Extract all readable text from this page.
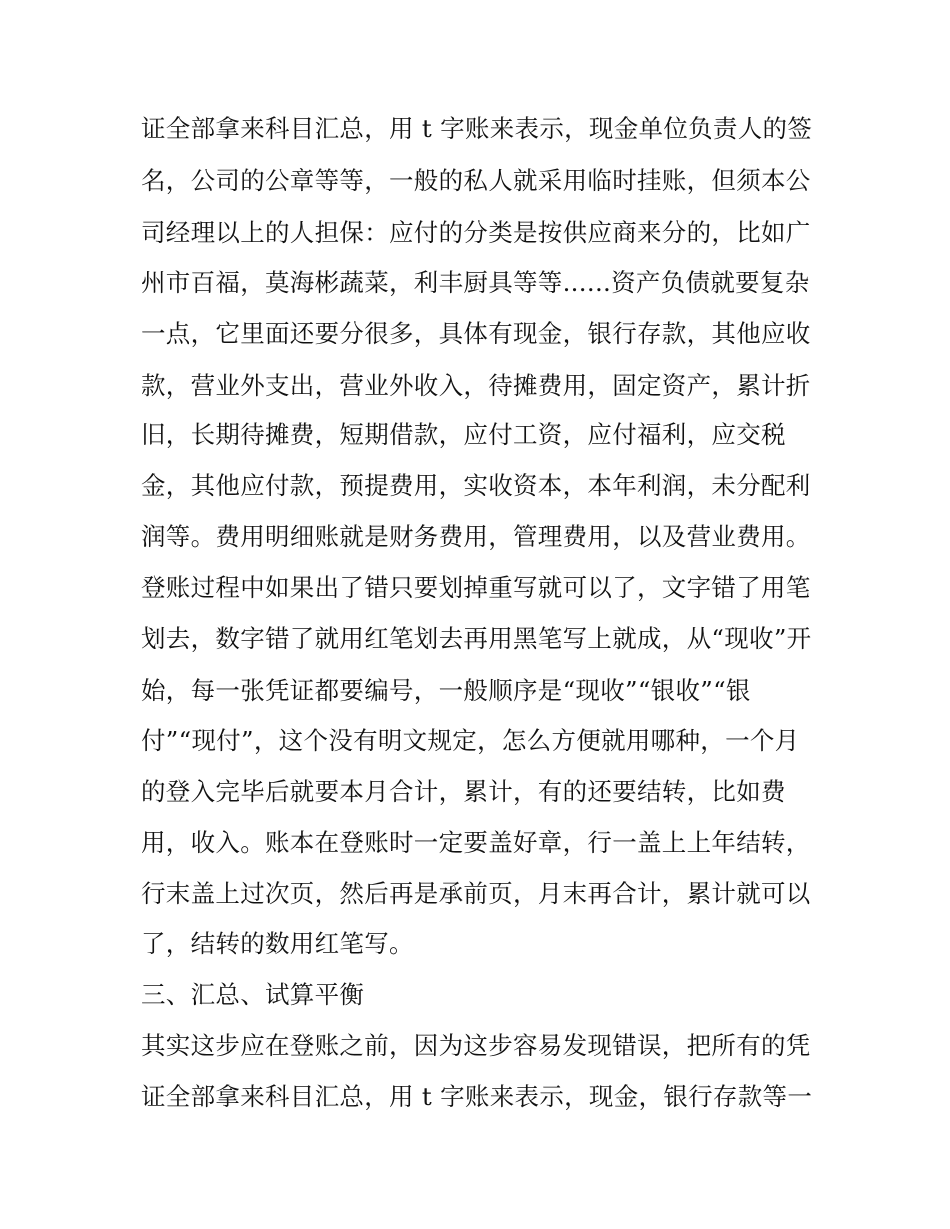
证全部拿来科目汇总，用 t 字账来表示，现金单位负责人的签
名，公司的公章等等，一般的私人就采用临时挂账，但须本公
司经理以上的人担保：应付的分类是按供应商来分的，比如广
州市百福，莫海彬蔬菜，利丰厨具等等......资产负债就要复杂
一点，它里面还要分很多，具体有现金，银行存款，其他应收
款，营业外支出，营业外收入，待摊费用，固定资产，累计折
旧，长期待摊费，短期借款，应付工资，应付福利，应交税
金，其他应付款，预提费用，实收资本，本年利润，未分配利
润等。费用明细账就是财务费用，管理费用，以及营业费用。
登账过程中如果出了错只要划掉重写就可以了，文字错了用笔
划去，数字错了就用红笔划去再用黑笔写上就成，从“现收”开
始，每一张凭证都要编号，一般顺序是“现收”“银收”“银
付”“现付”，这个没有明文规定，怎么方便就用哪种，一个月
的登入完毕后就要本月合计，累计，有的还要结转，比如费
用，收入。账本在登账时一定要盖好章，行一盖上上年结转，
行末盖上过次页，然后再是承前页，月末再合计，累计就可以
了，结转的数用红笔写。
三、汇总、试算平衡
其实这步应在登账之前，因为这步容易发现错误，把所有的凭
证全部拿来科目汇总，用 t 字账来表示，现金，银行存款等一
